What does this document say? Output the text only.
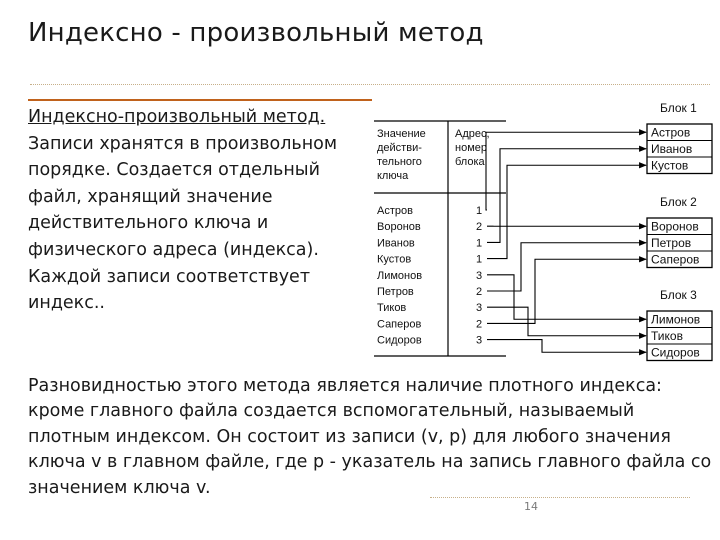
Индексно - произвольный метод
Индексно-произвольный метод. Записи хранятся в произвольном порядке. Создается отдельный файл, хранящий значение действительного ключа и физического адреса (индекса). Каждой записи соответствует индекс..
Значение
действи-
тельного
ключа
Адрес,
номер
блока
Астров	1
Воронов	2
Иванов	1
Кустов	1
Лимонов	3
Петров	2
Тиков	3
Саперов	2
Сидоров	3
Блок 1
Астров
Иванов
Кустов
Блок 2
Воронов
Петров
Саперов
Блок 3
Лимонов
Тиков
Сидоров
Разновидностью этого метода является наличие плотного индекса: кроме главного файла создается вспомогательный, называемый плотным индексом. Он состоит из записи (v, p) для любого значения ключа v в главном файле, где p - указатель на запись главного файла со значением ключа v.
14
